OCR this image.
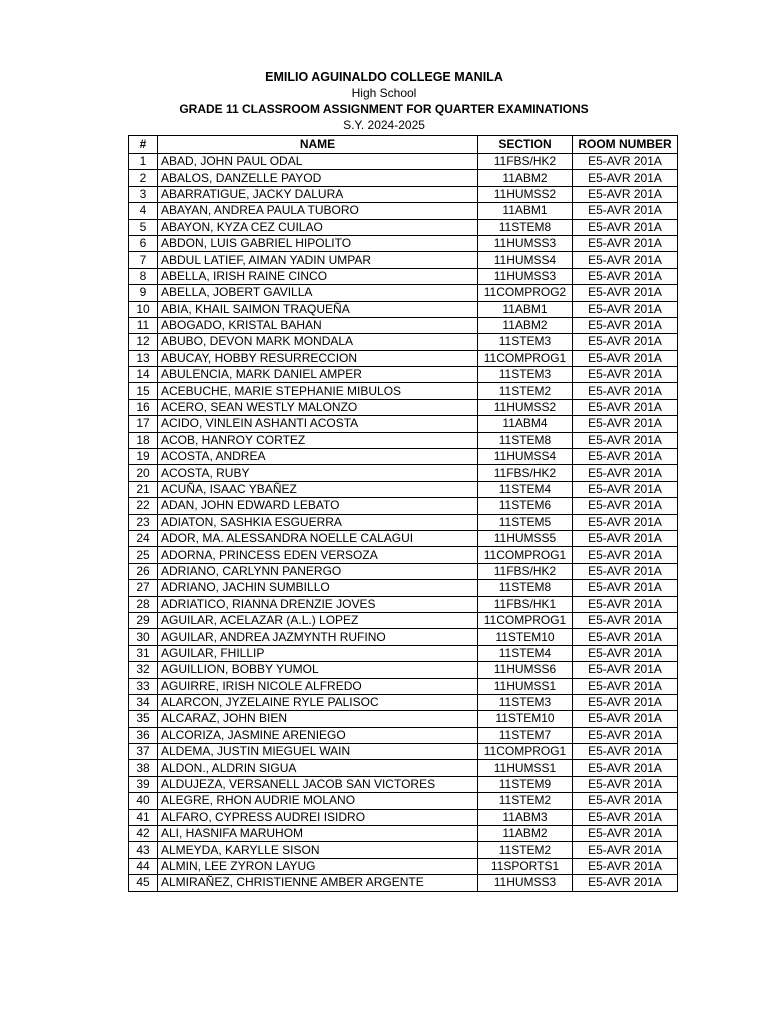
EMILIO AGUINALDO COLLEGE MANILA
High School
GRADE 11 CLASSROOM ASSIGNMENT FOR QUARTER EXAMINATIONS
S.Y. 2024-2025
#	NAME	SECTION	ROOM NUMBER
1	ABAD, JOHN PAUL ODAL	11FBS/HK2	E5-AVR 201A
2	ABALOS, DANZELLE PAYOD	11ABM2	E5-AVR 201A
3	ABARRATIGUE, JACKY DALURA	11HUMSS2	E5-AVR 201A
4	ABAYAN, ANDREA PAULA TUBORO	11ABM1	E5-AVR 201A
5	ABAYON, KYZA CEZ CUILAO	11STEM8	E5-AVR 201A
6	ABDON, LUIS GABRIEL HIPOLITO	11HUMSS3	E5-AVR 201A
7	ABDUL LATIEF, AIMAN YADIN UMPAR	11HUMSS4	E5-AVR 201A
8	ABELLA, IRISH RAINE CINCO	11HUMSS3	E5-AVR 201A
9	ABELLA, JOBERT GAVILLA	11COMPROG2	E5-AVR 201A
10	ABIA, KHAIL SAIMON TRAQUEÑA	11ABM1	E5-AVR 201A
11	ABOGADO, KRISTAL BAHAN	11ABM2	E5-AVR 201A
12	ABUBO, DEVON MARK MONDALA	11STEM3	E5-AVR 201A
13	ABUCAY, HOBBY RESURRECCION	11COMPROG1	E5-AVR 201A
14	ABULENCIA, MARK DANIEL AMPER	11STEM3	E5-AVR 201A
15	ACEBUCHE, MARIE STEPHANIE MIBULOS	11STEM2	E5-AVR 201A
16	ACERO, SEAN WESTLY MALONZO	11HUMSS2	E5-AVR 201A
17	ACIDO, VINLEIN ASHANTI ACOSTA	11ABM4	E5-AVR 201A
18	ACOB, HANROY CORTEZ	11STEM8	E5-AVR 201A
19	ACOSTA, ANDREA	11HUMSS4	E5-AVR 201A
20	ACOSTA, RUBY	11FBS/HK2	E5-AVR 201A
21	ACUÑA, ISAAC YBAÑEZ	11STEM4	E5-AVR 201A
22	ADAN, JOHN EDWARD LEBATO	11STEM6	E5-AVR 201A
23	ADIATON, SASHKIA ESGUERRA	11STEM5	E5-AVR 201A
24	ADOR, MA. ALESSANDRA NOELLE CALAGUI	11HUMSS5	E5-AVR 201A
25	ADORNA, PRINCESS EDEN VERSOZA	11COMPROG1	E5-AVR 201A
26	ADRIANO, CARLYNN PANERGO	11FBS/HK2	E5-AVR 201A
27	ADRIANO, JACHIN SUMBILLO	11STEM8	E5-AVR 201A
28	ADRIATICO, RIANNA DRENZIE JOVES	11FBS/HK1	E5-AVR 201A
29	AGUILAR, ACELAZAR (A.L.) LOPEZ	11COMPROG1	E5-AVR 201A
30	AGUILAR, ANDREA JAZMYNTH RUFINO	11STEM10	E5-AVR 201A
31	AGUILAR, FHILLIP	11STEM4	E5-AVR 201A
32	AGUILLION, BOBBY YUMOL	11HUMSS6	E5-AVR 201A
33	AGUIRRE, IRISH NICOLE ALFREDO	11HUMSS1	E5-AVR 201A
34	ALARCON, JYZELAINE RYLE PALISOC	11STEM3	E5-AVR 201A
35	ALCARAZ, JOHN BIEN	11STEM10	E5-AVR 201A
36	ALCORIZA, JASMINE ARENIEGO	11STEM7	E5-AVR 201A
37	ALDEMA, JUSTIN MIEGUEL WAIN	11COMPROG1	E5-AVR 201A
38	ALDON., ALDRIN SIGUA	11HUMSS1	E5-AVR 201A
39	ALDUJEZA, VERSANELL JACOB SAN VICTORES	11STEM9	E5-AVR 201A
40	ALEGRE, RHON AUDRIE MOLANO	11STEM2	E5-AVR 201A
41	ALFARO, CYPRESS AUDREI ISIDRO	11ABM3	E5-AVR 201A
42	ALI, HASNIFA MARUHOM	11ABM2	E5-AVR 201A
43	ALMEYDA, KARYLLE SISON	11STEM2	E5-AVR 201A
44	ALMIN, LEE ZYRON LAYUG	11SPORTS1	E5-AVR 201A
45	ALMIRAÑEZ, CHRISTIENNE AMBER ARGENTE	11HUMSS3	E5-AVR 201A
